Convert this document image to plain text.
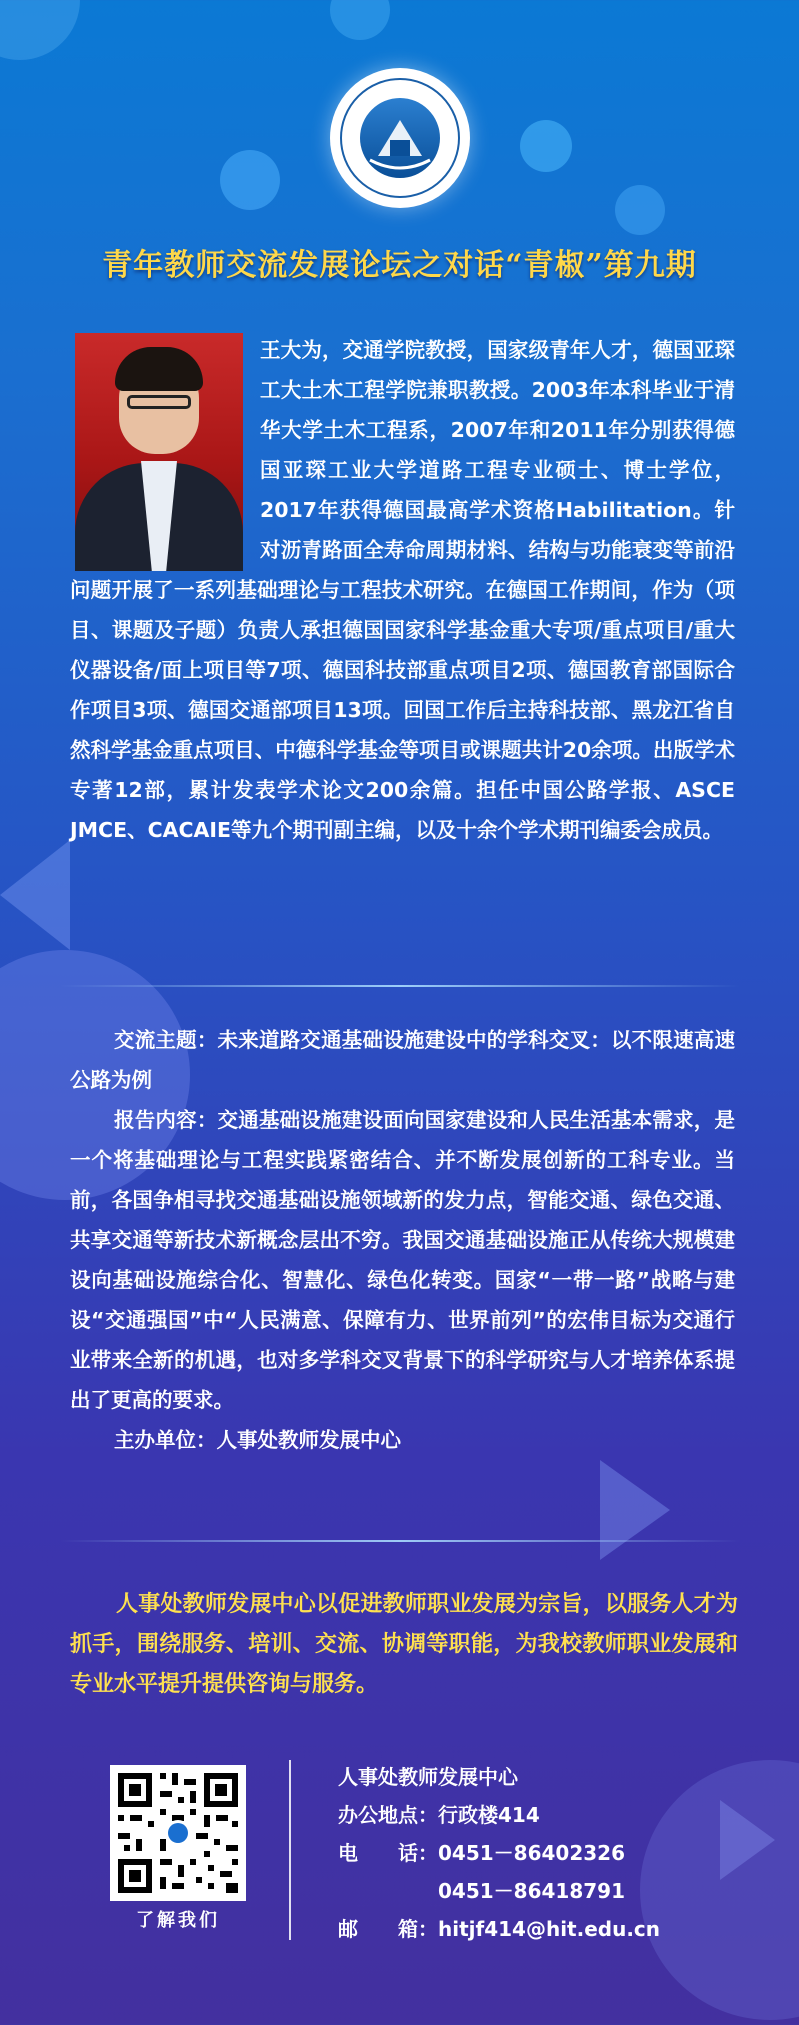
青年教师交流发展论坛之对话“青椒”第九期
王大为，交通学院教授，国家级青年人才，德国亚琛工大土木工程学院兼职教授。2003年本科毕业于清华大学土木工程系，2007年和2011年分别获得德国亚琛工业大学道路工程专业硕士、博士学位，2017年获得德国最高学术资格Habilitation。针对沥青路面全寿命周期材料、结构与功能衰变等前沿问题开展了一系列基础理论与工程技术研究。在德国工作期间，作为（项目、课题及子题）负责人承担德国国家科学基金重大专项/重点项目/重大仪器设备/面上项目等7项、德国科技部重点项目2项、德国教育部国际合作项目3项、德国交通部项目13项。回国工作后主持科技部、黑龙江省自然科学基金重点项目、中德科学基金等项目或课题共计20余项。出版学术专著12部，累计发表学术论文200余篇。担任中国公路学报、ASCE JMCE、CACAIE等九个期刊副主编，以及十余个学术期刊编委会成员。

交流主题：未来道路交通基础设施建设中的学科交叉：以不限速高速公路为例

报告内容：交通基础设施建设面向国家建设和人民生活基本需求，是一个将基础理论与工程实践紧密结合、并不断发展创新的工科专业。当前，各国争相寻找交通基础设施领域新的发力点，智能交通、绿色交通、共享交通等新技术新概念层出不穷。我国交通基础设施正从传统大规模建设向基础设施综合化、智慧化、绿色化转变。国家“一带一路”战略与建设“交通强国”中“人民满意、保障有力、世界前列”的宏伟目标为交通行业带来全新的机遇，也对多学科交叉背景下的科学研究与人才培养体系提出了更高的要求。

主办单位：人事处教师发展中心

人事处教师发展中心以促进教师职业发展为宗旨，以服务人才为抓手，围绕服务、培训、交流、协调等职能，为我校教师职业发展和专业水平提升提供咨询与服务。

了解我们
人事处教师发展中心
办公地点： 行政楼414
电　　话： 0451－86402326
0451－86418791
邮　　箱： hitjf414@hit.edu.cn
